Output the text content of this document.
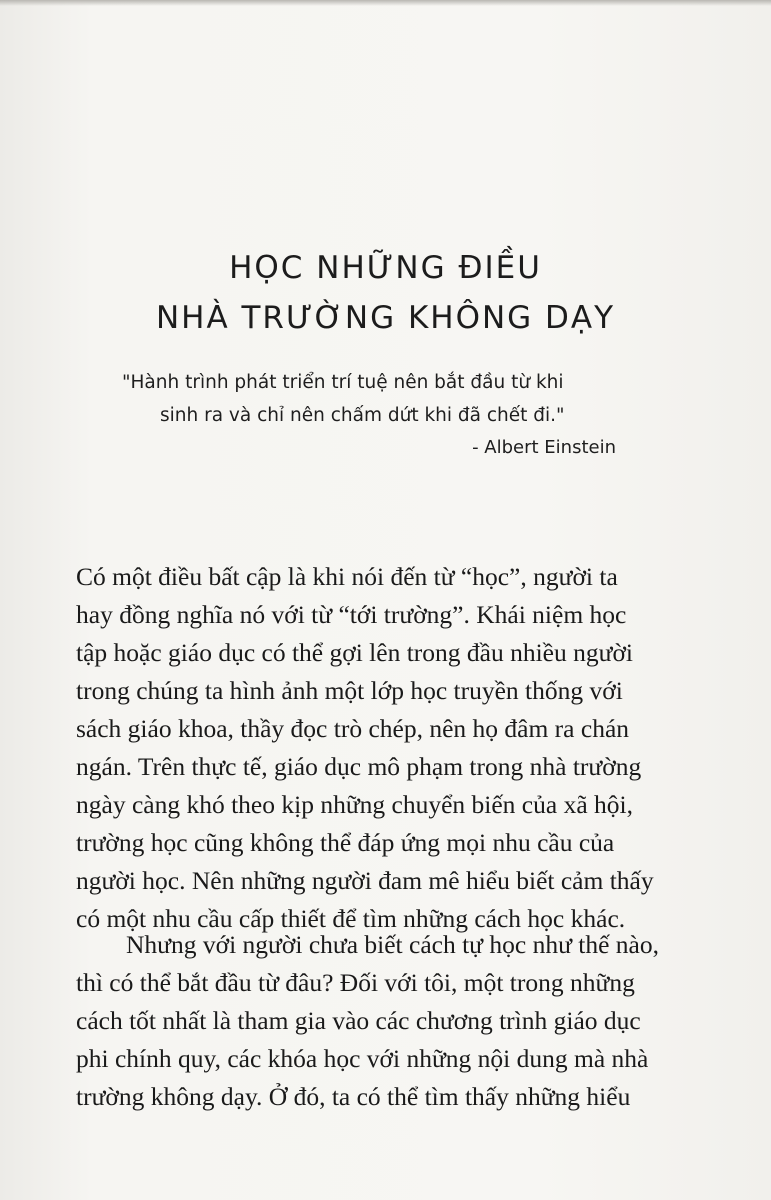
HỌC NHỮNG ĐIỀU
NHÀ TRƯỜNG KHÔNG DẠY

"Hành trình phát triển trí tuệ nên bắt đầu từ khi

sinh ra và chỉ nên chấm dứt khi đã chết đi."

- Albert Einstein

Có một điều bất cập là khi nói đến từ “học”, người ta
hay đồng nghĩa nó với từ “tới trường”. Khái niệm học
tập hoặc giáo dục có thể gợi lên trong đầu nhiều người
trong chúng ta hình ảnh một lớp học truyền thống với
sách giáo khoa, thầy đọc trò chép, nên họ đâm ra chán
ngán. Trên thực tế, giáo dục mô phạm trong nhà trường
ngày càng khó theo kịp những chuyển biến của xã hội,
trường học cũng không thể đáp ứng mọi nhu cầu của
người học. Nên những người đam mê hiểu biết cảm thấy
có một nhu cầu cấp thiết để tìm những cách học khác.
Nhưng với người chưa biết cách tự học như thế nào,
thì có thể bắt đầu từ đâu? Đối với tôi, một trong những
cách tốt nhất là tham gia vào các chương trình giáo dục
phi chính quy, các khóa học với những nội dung mà nhà
trường không dạy. Ở đó, ta có thể tìm thấy những hiểu
